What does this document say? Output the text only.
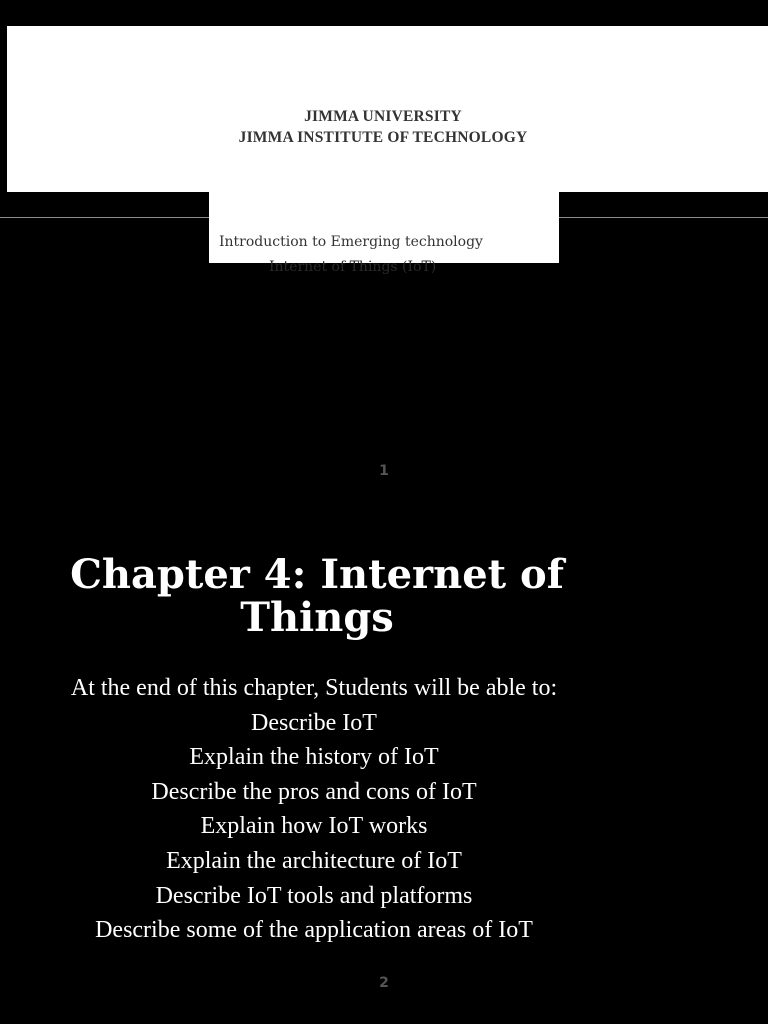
JIMMA UNIVERSITY
JIMMA INSTITUTE OF TECHNOLOGY
Introduction to Emerging technology
Internet of Things (IoT)
1
Chapter 4: Internet of Things
At the end of this chapter, Students will be able to:
Describe IoT
Explain the history of IoT
Describe the pros and cons of IoT
Explain how IoT works
Explain the architecture of IoT
Describe IoT tools and platforms
Describe some of the application areas of IoT
2
